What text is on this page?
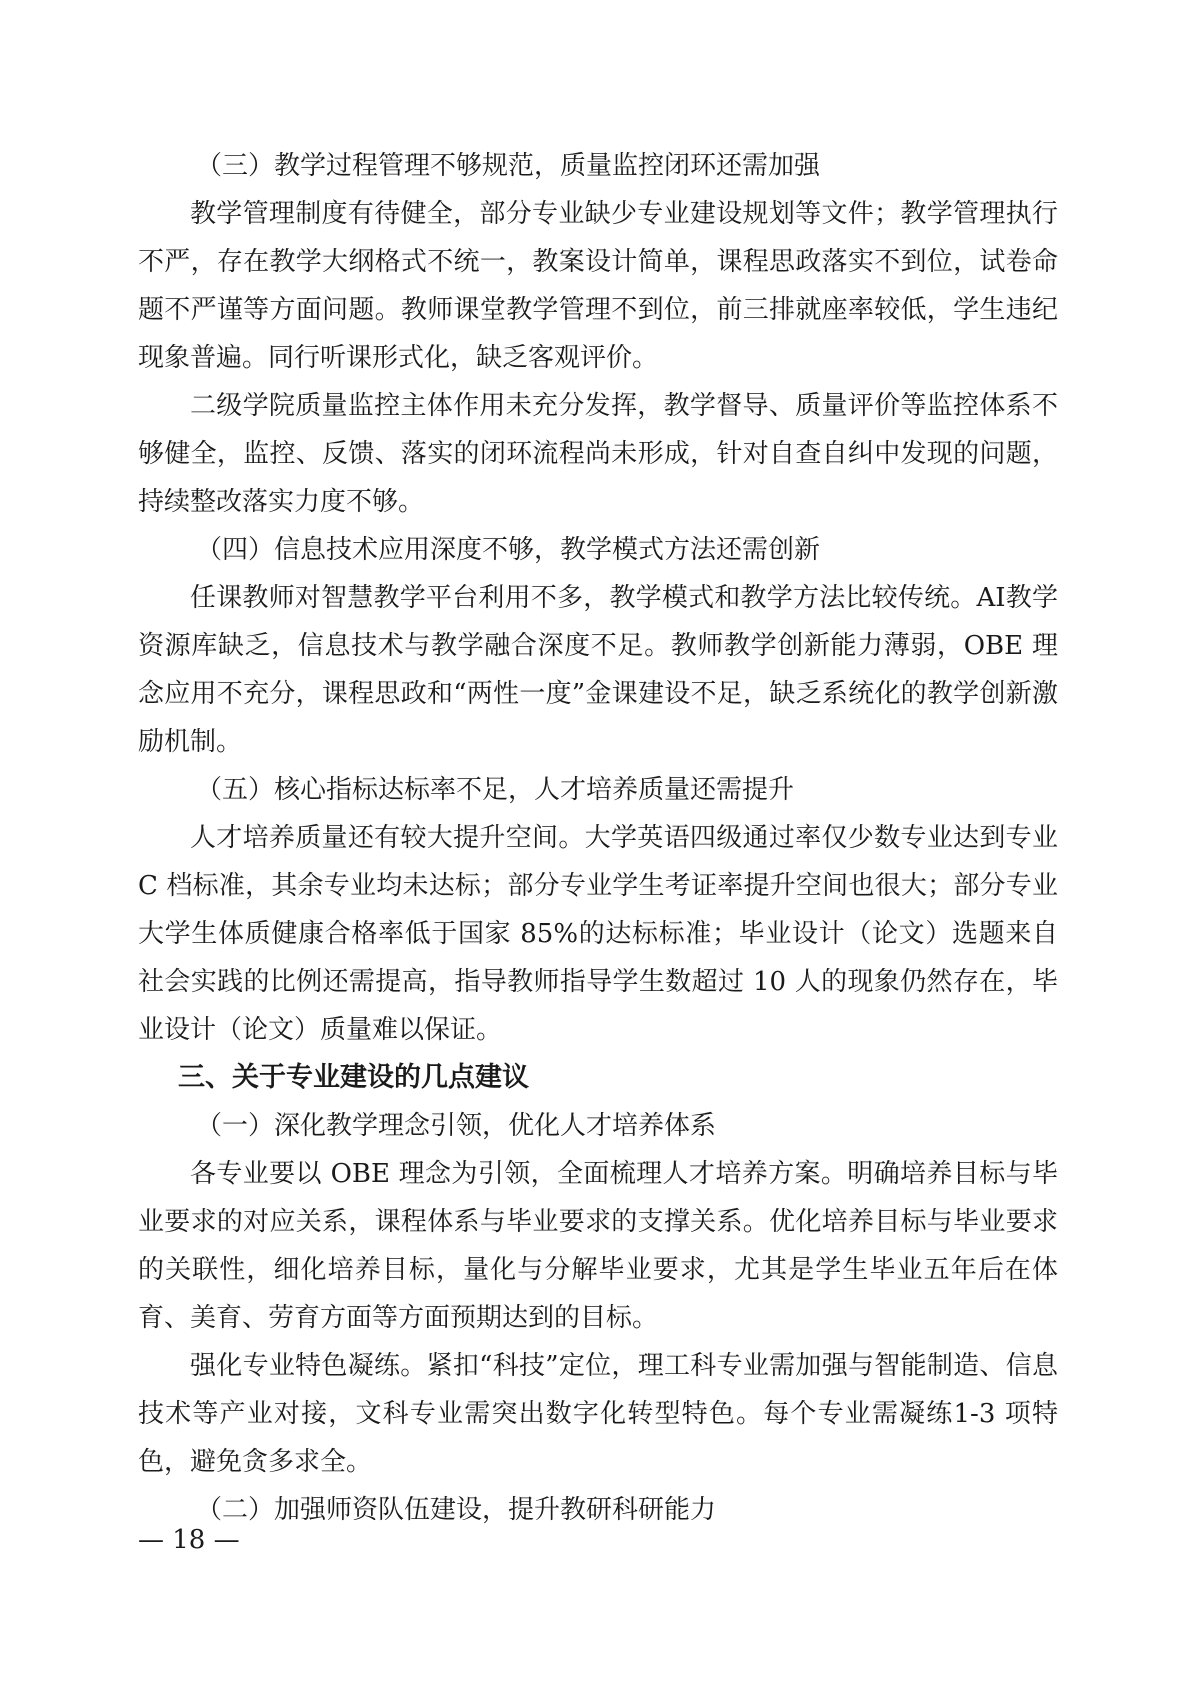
（三）教学过程管理不够规范，质量监控闭环还需加强

教学管理制度有待健全，部分专业缺少专业建设规划等文件；教学管理执行不严，存在教学大纲格式不统一，教案设计简单，课程思政落实不到位，试卷命题不严谨等方面问题。教师课堂教学管理不到位，前三排就座率较低，学生违纪现象普遍。同行听课形式化，缺乏客观评价。

二级学院质量监控主体作用未充分发挥，教学督导、质量评价等监控体系不够健全，监控、反馈、落实的闭环流程尚未形成，针对自查自纠中发现的问题，持续整改落实力度不够。

（四）信息技术应用深度不够，教学模式方法还需创新

任课教师对智慧教学平台利用不多，教学模式和教学方法比较传统。AI教学资源库缺乏，信息技术与教学融合深度不足。教师教学创新能力薄弱，OBE 理念应用不充分，课程思政和“两性一度”金课建设不足，缺乏系统化的教学创新激励机制。

（五）核心指标达标率不足，人才培养质量还需提升

人才培养质量还有较大提升空间。大学英语四级通过率仅少数专业达到专业 C 档标准，其余专业均未达标；部分专业学生考证率提升空间也很大；部分专业大学生体质健康合格率低于国家 85%的达标标准；毕业设计（论文）选题来自社会实践的比例还需提高，指导教师指导学生数超过 10 人的现象仍然存在，毕业设计（论文）质量难以保证。

三、关于专业建设的几点建议
（一）深化教学理念引领，优化人才培养体系

各专业要以 OBE 理念为引领，全面梳理人才培养方案。明确培养目标与毕业要求的对应关系，课程体系与毕业要求的支撑关系。优化培养目标与毕业要求的关联性，细化培养目标，量化与分解毕业要求，尤其是学生毕业五年后在体育、美育、劳育方面等方面预期达到的目标。

强化专业特色凝练。紧扣“科技”定位，理工科专业需加强与智能制造、信息技术等产业对接，文科专业需突出数字化转型特色。每个专业需凝练1-3 项特色，避免贪多求全。

（二）加强师资队伍建设，提升教研科研能力
— 18 —
